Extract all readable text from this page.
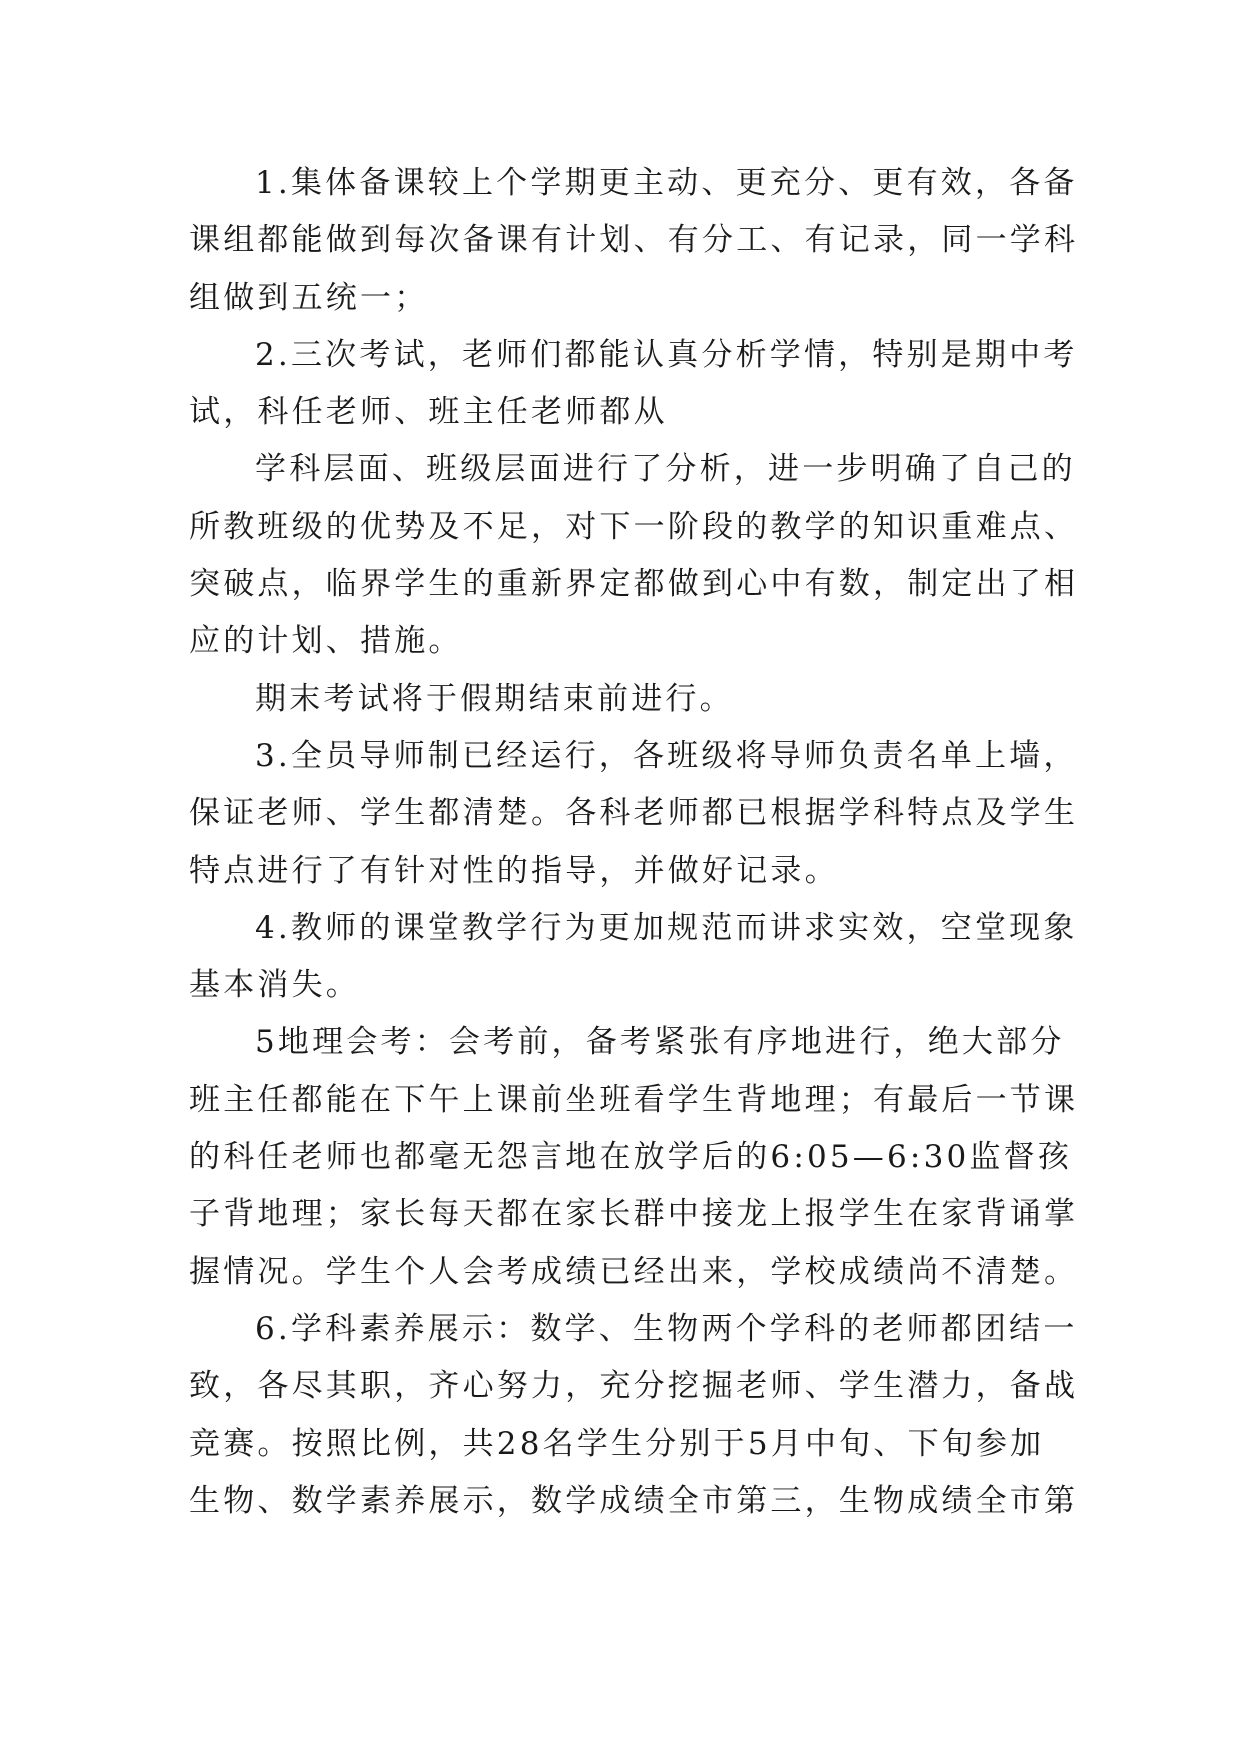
1.集体备课较上个学期更主动、更充分、更有效，各备
课组都能做到每次备课有计划、有分工、有记录，同一学科
组做到五统一；
2.三次考试，老师们都能认真分析学情，特别是期中考
试，科任老师、班主任老师都从
学科层面、班级层面进行了分析，进一步明确了自己的
所教班级的优势及不足，对下一阶段的教学的知识重难点、
突破点，临界学生的重新界定都做到心中有数，制定出了相
应的计划、措施。
期末考试将于假期结束前进行。
3.全员导师制已经运行，各班级将导师负责名单上墙，
保证老师、学生都清楚。各科老师都已根据学科特点及学生
特点进行了有针对性的指导，并做好记录。
4.教师的课堂教学行为更加规范而讲求实效，空堂现象
基本消失。
5地理会考：会考前，备考紧张有序地进行，绝大部分
班主任都能在下午上课前坐班看学生背地理；有最后一节课
的科任老师也都毫无怨言地在放学后的6:05—6:30监督孩
子背地理；家长每天都在家长群中接龙上报学生在家背诵掌
握情况。学生个人会考成绩已经出来，学校成绩尚不清楚。
6.学科素养展示：数学、生物两个学科的老师都团结一
致，各尽其职，齐心努力，充分挖掘老师、学生潜力，备战
竞赛。按照比例，共28名学生分别于5月中旬、下旬参加
生物、数学素养展示，数学成绩全市第三，生物成绩全市第
